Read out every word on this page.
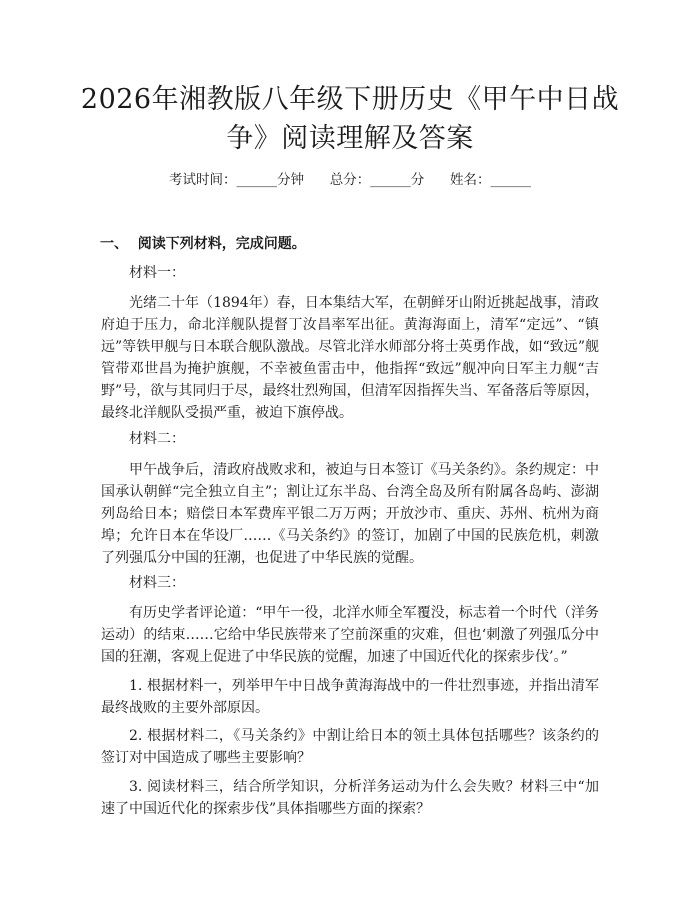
2026年湘教版八年级下册历史《甲午中日战
争》阅读理解及答案
考试时间：______分钟      总分：______分      姓名：______
一、  阅读下列材料，完成问题。
材料一：

光绪二十年（1894年）春，日本集结大军，在朝鲜牙山附近挑起战事，清政府迫于压力，命北洋舰队提督丁汝昌率军出征。黄海海面上，清军“定远”、“镇远”等铁甲舰与日本联合舰队激战。尽管北洋水师部分将士英勇作战，如“致远”舰管带邓世昌为掩护旗舰，不幸被鱼雷击中，他指挥“致远”舰冲向日军主力舰“吉野”号，欲与其同归于尽，最终壮烈殉国，但清军因指挥失当、军备落后等原因，最终北洋舰队受损严重，被迫下旗停战。

材料二：

甲午战争后，清政府战败求和，被迫与日本签订《马关条约》。条约规定：中国承认朝鲜“完全独立自主”；割让辽东半岛、台湾全岛及所有附属各岛屿、澎湖列岛给日本；赔偿日本军费库平银二万万两；开放沙市、重庆、苏州、杭州为商埠；允许日本在华设厂……《马关条约》的签订，加剧了中国的民族危机，刺激了列强瓜分中国的狂潮，也促进了中华民族的觉醒。

材料三：

有历史学者评论道：“甲午一役，北洋水师全军覆没，标志着一个时代（洋务运动）的结束……它给中华民族带来了空前深重的灾难，但也‘刺激了列强瓜分中国的狂潮，客观上促进了中华民族的觉醒，加速了中国近代化的探索步伐’。”

1. 根据材料一，列举甲午中日战争黄海海战中的一件壮烈事迹，并指出清军最终战败的主要外部原因。

2. 根据材料二，《马关条约》中割让给日本的领土具体包括哪些？该条约的签订对中国造成了哪些主要影响？

3. 阅读材料三，结合所学知识，分析洋务运动为什么会失败？材料三中“加速了中国近代化的探索步伐”具体指哪些方面的探索？
